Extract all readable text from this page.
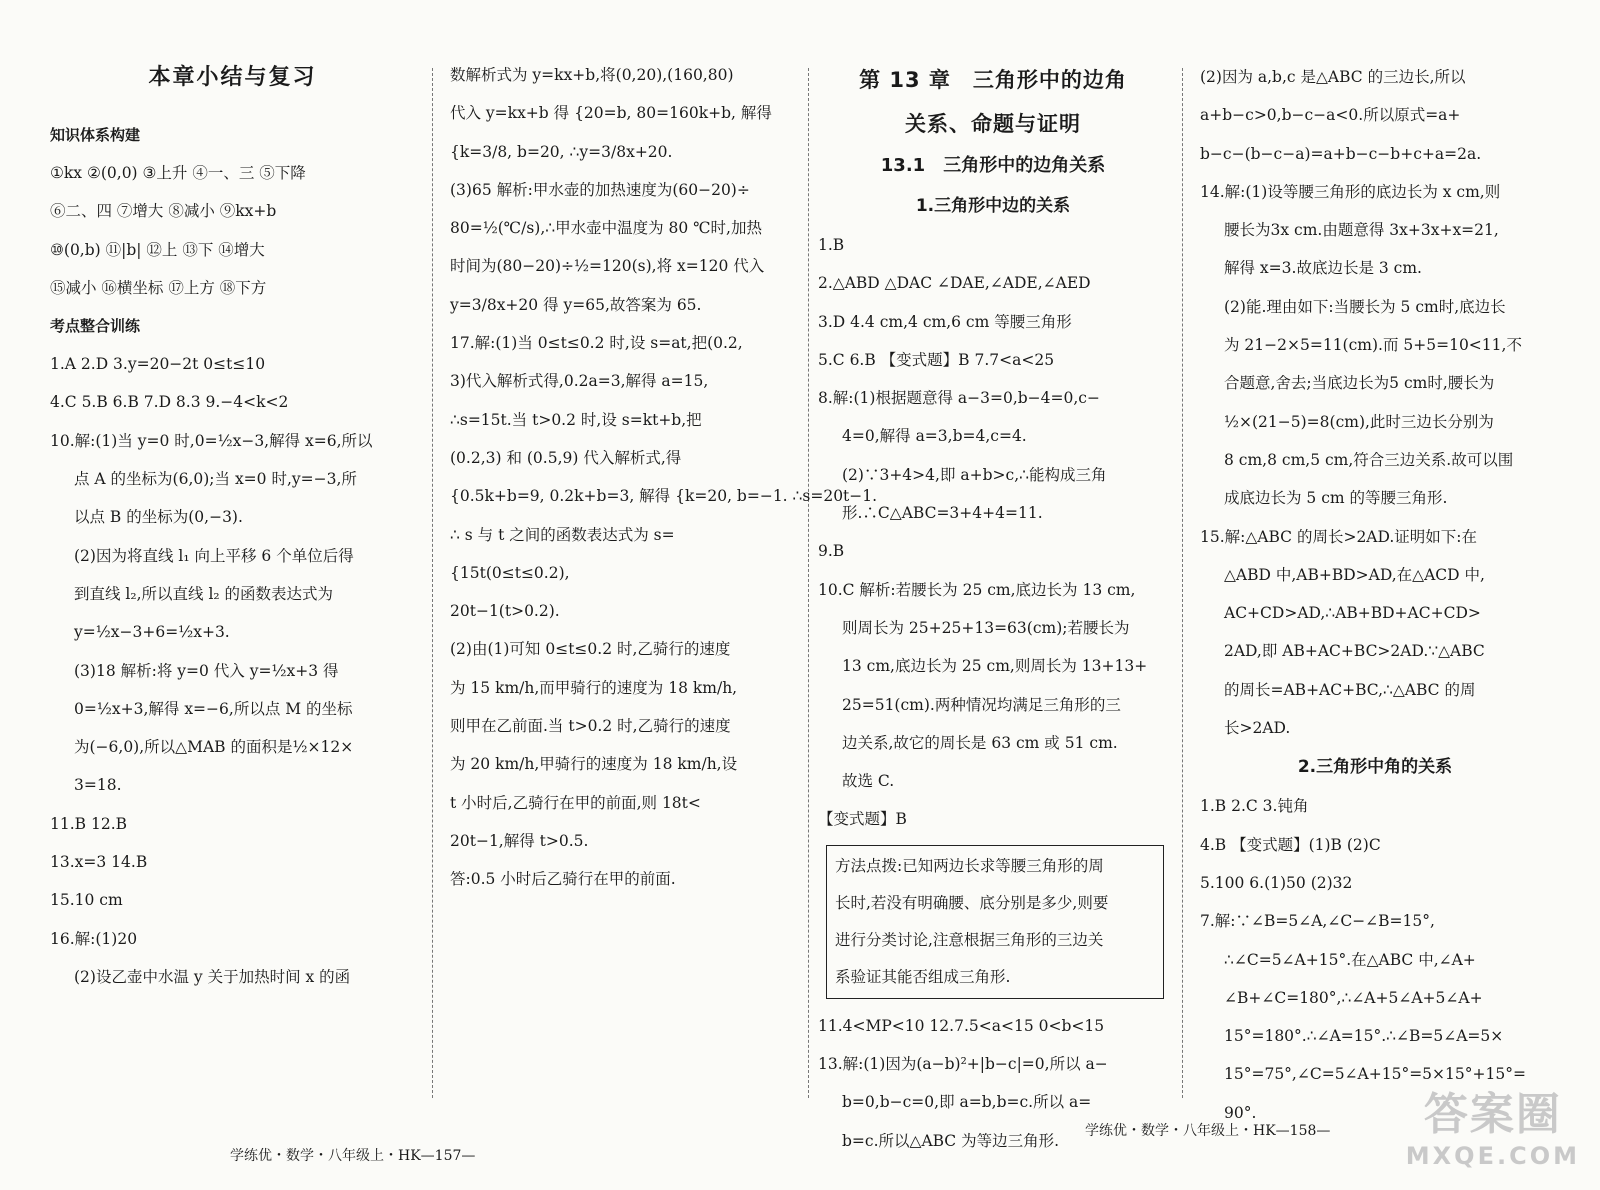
本章小结与复习
知识体系构建
①kx ②(0,0) ③上升 ④一、三 ⑤下降
⑥二、四 ⑦增大 ⑧减小 ⑨kx+b
⑩(0,b) ⑪|b| ⑫上 ⑬下 ⑭增大
⑮减小 ⑯横坐标 ⑰上方 ⑱下方
考点整合训练
1.A 2.D 3.y=20−2t 0≤t≤10
4.C 5.B 6.B 7.D 8.3 9.−4<k<2
10.解:(1)当 y=0 时,0=½x−3,解得 x=6,所以
点 A 的坐标为(6,0);当 x=0 时,y=−3,所
以点 B 的坐标为(0,−3).
(2)因为将直线 l₁ 向上平移 6 个单位后得
到直线 l₂,所以直线 l₂ 的函数表达式为
y=½x−3+6=½x+3.
(3)18 解析:将 y=0 代入 y=½x+3 得
0=½x+3,解得 x=−6,所以点 M 的坐标
为(−6,0),所以△MAB 的面积是½×12×
3=18.
11.B 12.B
13.x=3 14.B
15.10 cm
16.解:(1)20
(2)设乙壶中水温 y 关于加热时间 x 的函
数解析式为 y=kx+b,将(0,20),(160,80)
代入 y=kx+b 得 {20=b, 80=160k+b, 解得
{k=3/8, b=20, ∴y=3/8x+20.
(3)65 解析:甲水壶的加热速度为(60−20)÷
80=½(℃/s),∴甲水壶中温度为 80 ℃时,加热
时间为(80−20)÷½=120(s),将 x=120 代入
y=3/8x+20 得 y=65,故答案为 65.
17.解:(1)当 0≤t≤0.2 时,设 s=at,把(0.2,
3)代入解析式得,0.2a=3,解得 a=15,
∴s=15t.当 t>0.2 时,设 s=kt+b,把
(0.2,3) 和 (0.5,9) 代入解析式,得
{0.5k+b=9, 0.2k+b=3, 解得 {k=20, b=−1. ∴s=20t−1.
∴ s 与 t 之间的函数表达式为 s=
{15t(0≤t≤0.2),
20t−1(t>0.2).
(2)由(1)可知 0≤t≤0.2 时,乙骑行的速度
为 15 km/h,而甲骑行的速度为 18 km/h,
则甲在乙前面.当 t>0.2 时,乙骑行的速度
为 20 km/h,甲骑行的速度为 18 km/h,设
t 小时后,乙骑行在甲的前面,则 18t<
20t−1,解得 t>0.5.
答:0.5 小时后乙骑行在甲的前面.
第 13 章　三角形中的边角
关系、命题与证明
13.1　三角形中的边角关系
1.三角形中边的关系
1.B
2.△ABD △DAC ∠DAE,∠ADE,∠AED
3.D 4.4 cm,4 cm,6 cm 等腰三角形
5.C 6.B 【变式题】B 7.7<a<25
8.解:(1)根据题意得 a−3=0,b−4=0,c−
4=0,解得 a=3,b=4,c=4.
(2)∵3+4>4,即 a+b>c,∴能构成三角
形.∴C△ABC=3+4+4=11.
9.B
10.C 解析:若腰长为 25 cm,底边长为 13 cm,
则周长为 25+25+13=63(cm);若腰长为
13 cm,底边长为 25 cm,则周长为 13+13+
25=51(cm).两种情况均满足三角形的三
边关系,故它的周长是 63 cm 或 51 cm.
故选 C.
【变式题】B
方法点拨:已知两边长求等腰三角形的周
长时,若没有明确腰、底分别是多少,则要
进行分类讨论,注意根据三角形的三边关
系验证其能否组成三角形.
11.4<MP<10 12.7.5<a<15 0<b<15
13.解:(1)因为(a−b)²+|b−c|=0,所以 a−
b=0,b−c=0,即 a=b,b=c.所以 a=
b=c.所以△ABC 为等边三角形.
(2)因为 a,b,c 是△ABC 的三边长,所以
a+b−c>0,b−c−a<0.所以原式=a+
b−c−(b−c−a)=a+b−c−b+c+a=2a.
14.解:(1)设等腰三角形的底边长为 x cm,则
腰长为3x cm.由题意得 3x+3x+x=21,
解得 x=3.故底边长是 3 cm.
(2)能.理由如下:当腰长为 5 cm时,底边长
为 21−2×5=11(cm).而 5+5=10<11,不
合题意,舍去;当底边长为5 cm时,腰长为
½×(21−5)=8(cm),此时三边长分别为
8 cm,8 cm,5 cm,符合三边关系.故可以围
成底边长为 5 cm 的等腰三角形.
15.解:△ABC 的周长>2AD.证明如下:在
△ABD 中,AB+BD>AD,在△ACD 中,
AC+CD>AD,∴AB+BD+AC+CD>
2AD,即 AB+AC+BC>2AD.∵△ABC
的周长=AB+AC+BC,∴△ABC 的周
长>2AD.
2.三角形中角的关系
1.B 2.C 3.钝角
4.B 【变式题】(1)B (2)C
5.100 6.(1)50 (2)32
7.解:∵∠B=5∠A,∠C−∠B=15°,
∴∠C=5∠A+15°.在△ABC 中,∠A+
∠B+∠C=180°,∴∠A+5∠A+5∠A+
15°=180°.∴∠A=15°.∴∠B=5∠A=5×
15°=75°,∠C=5∠A+15°=5×15°+15°=
90°.
学练优・数学・八年级上・HK—157—
学练优・数学・八年级上・HK—158—	答案圈
MXQE.COM
